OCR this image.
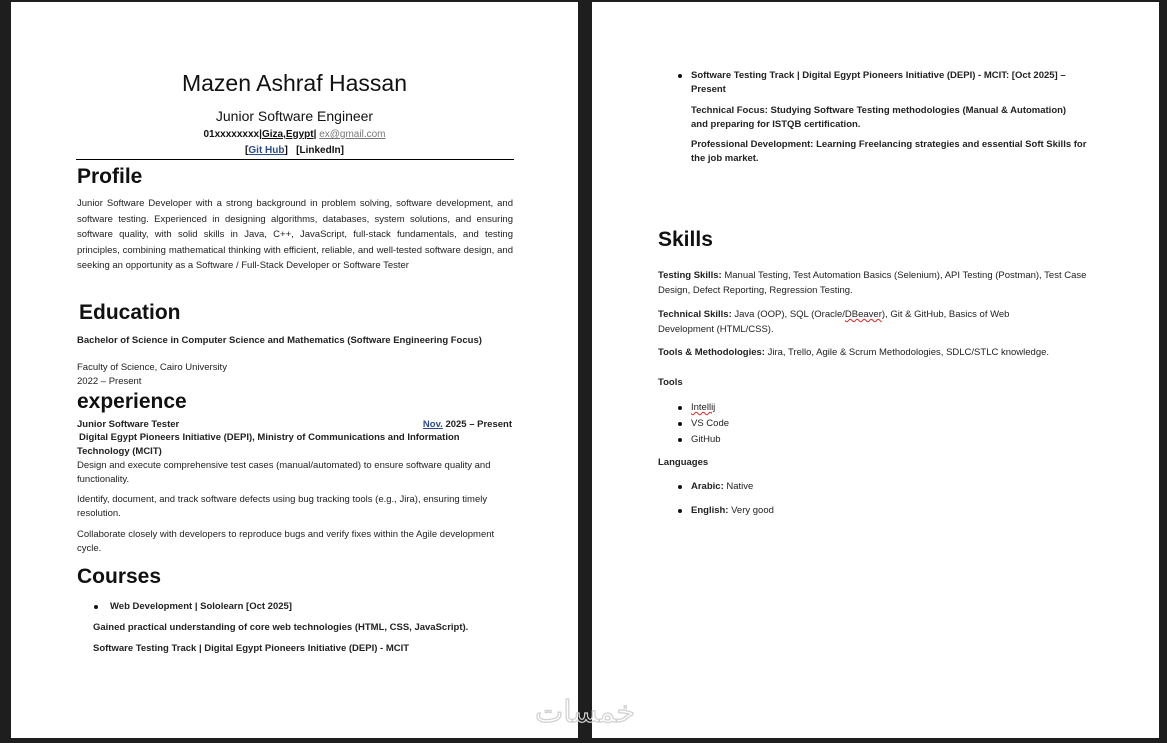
Mazen Ashraf Hassan
Junior Software Engineer
01xxxxxxxx|Giza,Egypt| ex@gmail.com
[Git Hub]   [LinkedIn]
Profile
Junior Software Developer with a strong background in problem solving, software development, and software testing. Experienced in designing algorithms, databases, system solutions, and ensuring software quality, with solid skills in Java, C++, JavaScript, full-stack fundamentals, and testing principles, combining mathematical thinking with efficient, reliable, and well-tested software design, and seeking an opportunity as a Software / Full-Stack Developer or Software Tester
Education
Bachelor of Science in Computer Science and Mathematics (Software Engineering Focus)
Faculty of Science, Cairo University
2022 – Present
experience
Junior Software Tester	Nov. 2025 – Present
Digital Egypt Pioneers Initiative (DEPI), Ministry of Communications and Information Technology (MCIT)
Design and execute comprehensive test cases (manual/automated) to ensure software quality and functionality.
Identify, document, and track software defects using bug tracking tools (e.g., Jira), ensuring timely resolution.
Collaborate closely with developers to reproduce bugs and verify fixes within the Agile development cycle.
Courses
Web Development | Sololearn [Oct 2025]
Gained practical understanding of core web technologies (HTML, CSS, JavaScript).
Software Testing Track | Digital Egypt Pioneers Initiative (DEPI) - MCIT
Software Testing Track | Digital Egypt Pioneers Initiative (DEPI) - MCIT: [Oct 2025] – Present
Technical Focus: Studying Software Testing methodologies (Manual & Automation) and preparing for ISTQB certification.
Professional Development: Learning Freelancing strategies and essential Soft Skills for the job market.
Skills
Testing Skills: Manual Testing, Test Automation Basics (Selenium), API Testing (Postman), Test Case Design, Defect Reporting, Regression Testing.
Technical Skills: Java (OOP), SQL (Oracle/DBeaver), Git & GitHub, Basics of Web Development (HTML/CSS).
Tools & Methodologies: Jira, Trello, Agile & Scrum Methodologies, SDLC/STLC knowledge.
Tools
Intellij
VS Code
GitHub
Languages
Arabic: Native
English: Very good
خمسات
